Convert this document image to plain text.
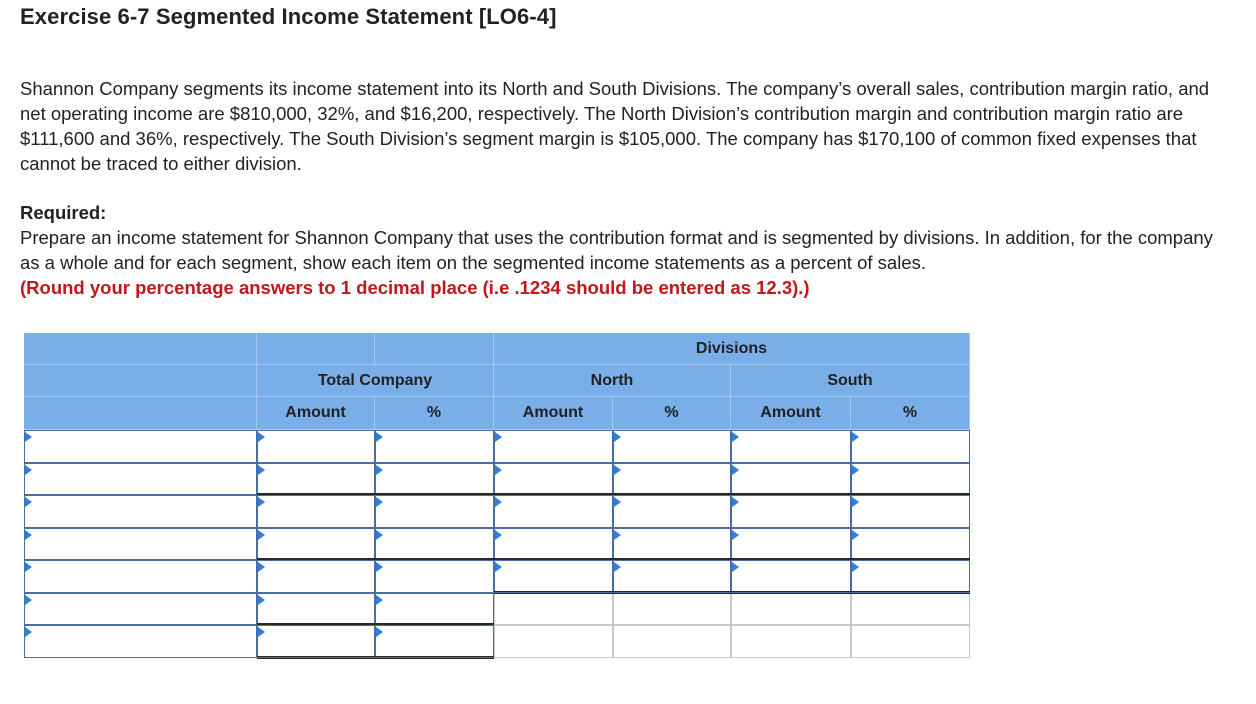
Exercise 6-7 Segmented Income Statement [LO6-4]
Shannon Company segments its income statement into its North and South Divisions. The company’s overall sales, contribution margin ratio, and net operating income are $810,000, 32%, and $16,200, respectively. The North Division’s contribution margin and contribution margin ratio are $111,600 and 36%, respectively. The South Division’s segment margin is $105,000. The company has $170,100 of common fixed expenses that cannot be traced to either division.
Required:
Prepare an income statement for Shannon Company that uses the contribution format and is segmented by divisions. In addition, for the company as a whole and for each segment, show each item on the segmented income statements as a percent of sales.
(Round your percentage answers to 1 decimal place (i.e .1234 should be entered as 12.3).)
Divisions
Total Company	North	South
Amount	%	Amount	%	Amount	%
